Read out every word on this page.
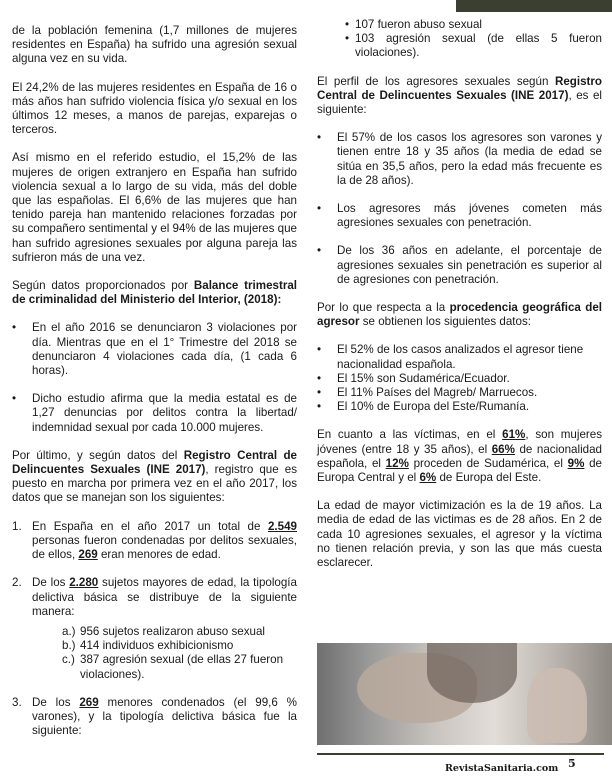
de la población femenina (1,7 millones de mujeres residentes en España) ha sufrido una agresión sexual alguna vez en su vida.

El 24,2% de las mujeres residentes en España de 16 o más años han sufrido violencia física y/o sexual en los últimos 12 meses, a manos de parejas, exparejas o terceros.

Así mismo en el referido estudio, el 15,2% de las mujeres de origen extranjero en España han sufrido violencia sexual a lo largo de su vida, más del doble que las españolas. El 6,6% de las mujeres que han tenido pareja han mantenido relaciones forzadas por su compañero sentimental y el 94% de las mujeres que han sufrido agresiones sexuales por alguna pareja las sufrieron más de una vez.

Según datos proporcionados por Balance trimestral de criminalidad del Ministerio del Interior, (2018):

• En el año 2016 se denunciaron 3 violaciones por día. Mientras que en el 1° Trimestre del 2018 se denunciaron 4 violaciones cada día, (1 cada 6 horas).
• Dicho estudio afirma que la media estatal es de 1,27 denuncias por delitos contra la libertad/ indemnidad sexual por cada 10.000 mujeres.

Por último, y según datos del Registro Central de Delincuentes Sexuales (INE 2017), registro que es puesto en marcha por primera vez en el año 2017, los datos que se manejan son los siguientes:

1. En España en el año 2017 un total de 2.549 personas fueron condenadas por delitos sexuales, de ellos, 269 eran menores de edad.
2. De los 2.280 sujetos mayores de edad, la tipología delictiva básica se distribuye de la siguiente manera:
a.) 956 sujetos realizaron abuso sexual
b.) 414 individuos exhibicionismo
c.) 387 agresión sexual (de ellas 27 fueron violaciones).
3. De los 269 menores condenados (el 99,6 % varones), y la tipología delictiva básica fue la siguiente:
• 107 fueron abuso sexual
• 103 agresión sexual (de ellas 5 fueron violaciones).

El perfil de los agresores sexuales según Registro Central de Delincuentes Sexuales (INE 2017), es el siguiente:

• El 57% de los casos los agresores son varones y tienen entre 18 y 35 años (la media de edad se sitúa en 35,5 años, pero la edad más frecuente es la de 28 años).
• Los agresores más jóvenes cometen más agresiones sexuales con penetración.
• De los 36 años en adelante, el porcentaje de agresiones sexuales sin penetración es superior al de agresiones con penetración.

Por lo que respecta a la procedencia geográfica del agresor se obtienen los siguientes datos:

• El 52% de los casos analizados el agresor tiene nacionalidad española.
• El 15% son Sudamérica/Ecuador.
• El 11% Países del Magreb/ Marruecos.
• El 10% de Europa del Este/Rumanía.

En cuanto a las víctimas, en el 61%, son mujeres jóvenes (entre 18 y 35 años), el 66% de nacionalidad española, el 12% proceden de Sudamérica, el 9% de Europa Central y el 6% de Europa del Este.

La edad de mayor victimización es la de 19 años. La media de edad de las victimas es de 28 años. En 2 de cada 10 agresiones sexuales, el agresor y la víctima no tienen relación previa, y son las que más cuesta esclarecer.

RevistaSanitaria.com 5
